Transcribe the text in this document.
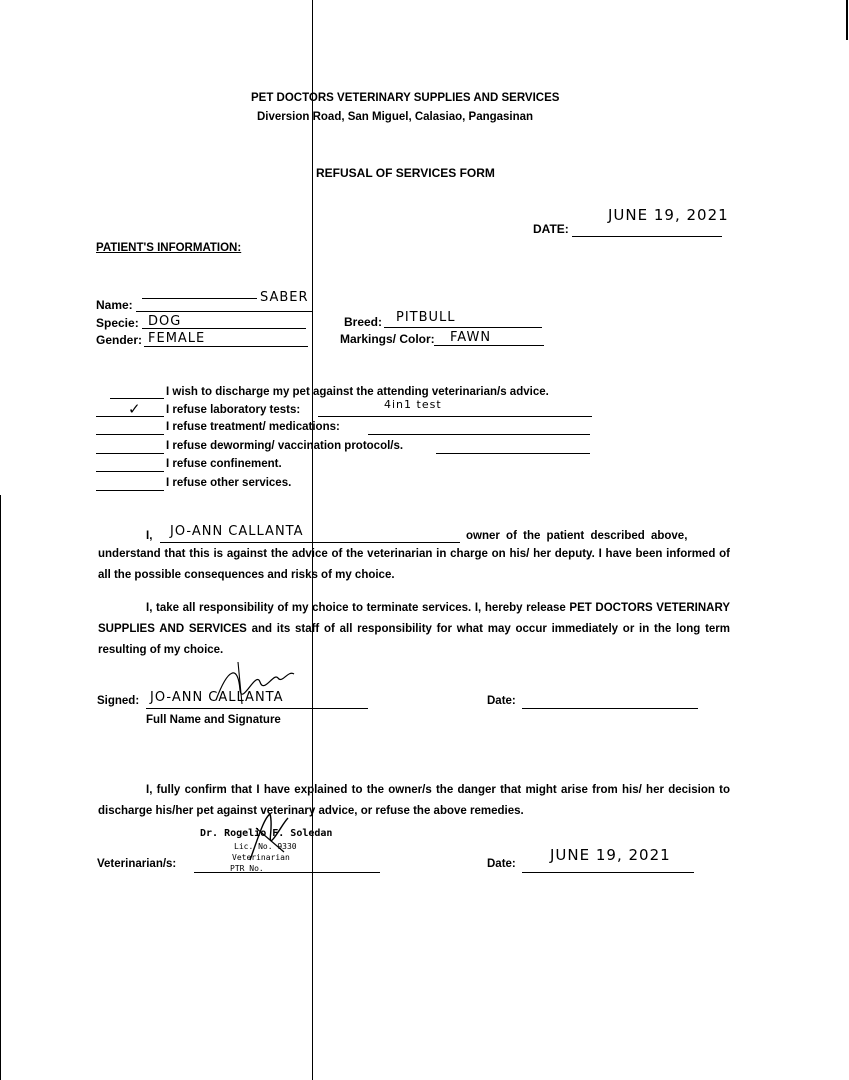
PET DOCTORS VETERINARY SUPPLIES AND SERVICES
Diversion Road, San Miguel, Calasiao, Pangasinan
REFUSAL OF SERVICES FORM
DATE:
JUNE 19, 2021
PATIENT'S INFORMATION:
Name:	SABER
Specie: DOG
Gender: FEMALE
Breed: PITBULL
Markings/ Color: FAWN
I wish to discharge my pet against the attending veterinarian/s advice.
✓ I refuse laboratory tests:	4in1 test
I refuse treatment/ medications:
I refuse deworming/ vaccination protocol/s.
I refuse confinement.
I refuse other services.
I, JO-ANN CALLANTA	owner of the patient described above,
understand that this is against the advice of the veterinarian in charge on his/ her deputy. I have been informed of all the possible consequences and risks of my choice.
I, take all responsibility of my choice to terminate services. I, hereby release PET DOCTORS VETERINARY SUPPLIES AND SERVICES and its staff of all responsibility for what may occur immediately or in the long term resulting of my choice.
Signed: JO-ANN CALLANTA
Full Name and Signature
Date:
I, fully confirm that I have explained to the owner/s the danger that might arise from his/ her decision to discharge his/her pet against veterinary advice, or refuse the above remedies.
Dr. Rogelio F. Soledan
Lic. No. 9330
Veterinarian
PTR No.
Veterinarian/s:	Date: JUNE 19, 2021
